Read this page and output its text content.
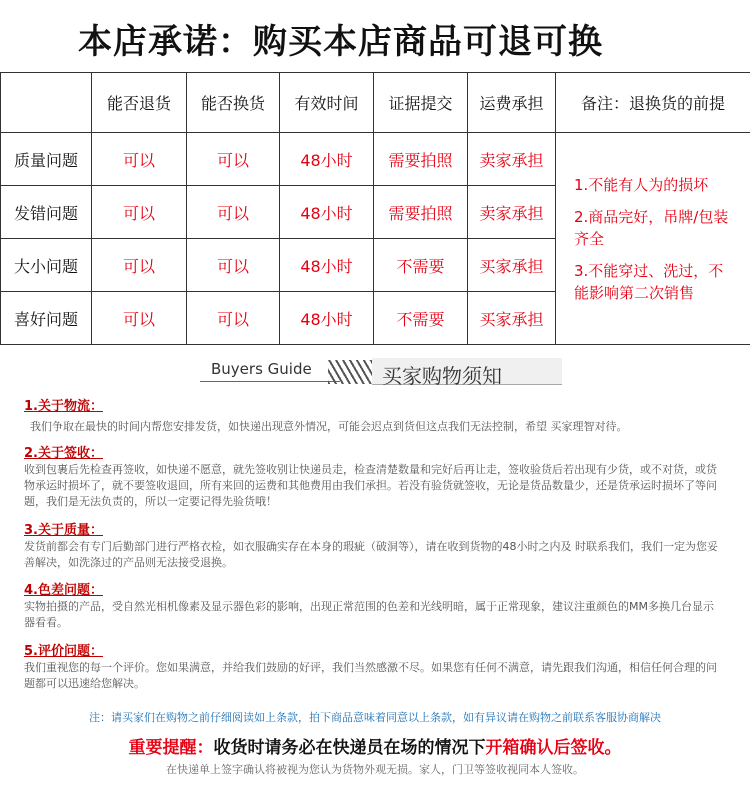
本店承诺：购买本店商品可退可换
	能否退货	能否换货	有效时间	证据提交	运费承担	备注：退换货的前提
质量问题	可以	可以	48小时	需要拍照	卖家承担	1.不能有人为的损坏

2.商品完好，吊牌/包装齐全

3.不能穿过、洗过，不能影响第二次销售

发错问题	可以	可以	48小时	需要拍照	卖家承担	
大小问题	可以	可以	48小时	不需要	买家承担	
喜好问题	可以	可以	48小时	不需要	买家承担	
Buyers Guide	买家购物须知
1.关于物流：
我们争取在最快的时间内帮您安排发货，如快递出现意外情况，可能会迟点到货但这点我们无法控制，希望 买家理智对待。
2.关于签收：
收到包裹后先检查再签收，如快递不愿意，就先签收别让快递员走，检查清楚数量和完好后再让走，签收验货后若出现有少货，或不对货，或货物承运时损坏了，就不要签收退回，所有来回的运费和其他费用由我们承担。若没有验货就签收，无论是货品数量少，还是货承运时损坏了等问题，我们是无法负责的，所以一定要记得先验货哦！
3.关于质量：
发货前都会有专门后勤部门进行严格衣检，如衣服确实存在本身的瑕疵（破洞等），请在收到货物的48小时之内及 时联系我们，我们一定为您妥善解决，如洗涤过的产品则无法接受退换。
4.色差问题：
实物拍摄的产品，受自然光相机像素及显示器色彩的影响，出现正常范围的色差和光线明暗，属于正常现象，建议注重颜色的MM多换几台显示器看看。
5.评价问题：
我们重视您的每一个评价。您如果满意，并给我们鼓励的好评，我们当然感激不尽。如果您有任何不满意，请先跟我们沟通，相信任何合理的问题都可以迅速给您解决。
注：请买家们在购物之前仔细阅读如上条款，拍下商品意味着同意以上条款，如有异议请在购物之前联系客服协商解决
重要提醒：收货时请务必在快递员在场的情况下开箱确认后签收。
在快递单上签字确认将被视为您认为货物外观无损。家人，门卫等签收视同本人签收。
